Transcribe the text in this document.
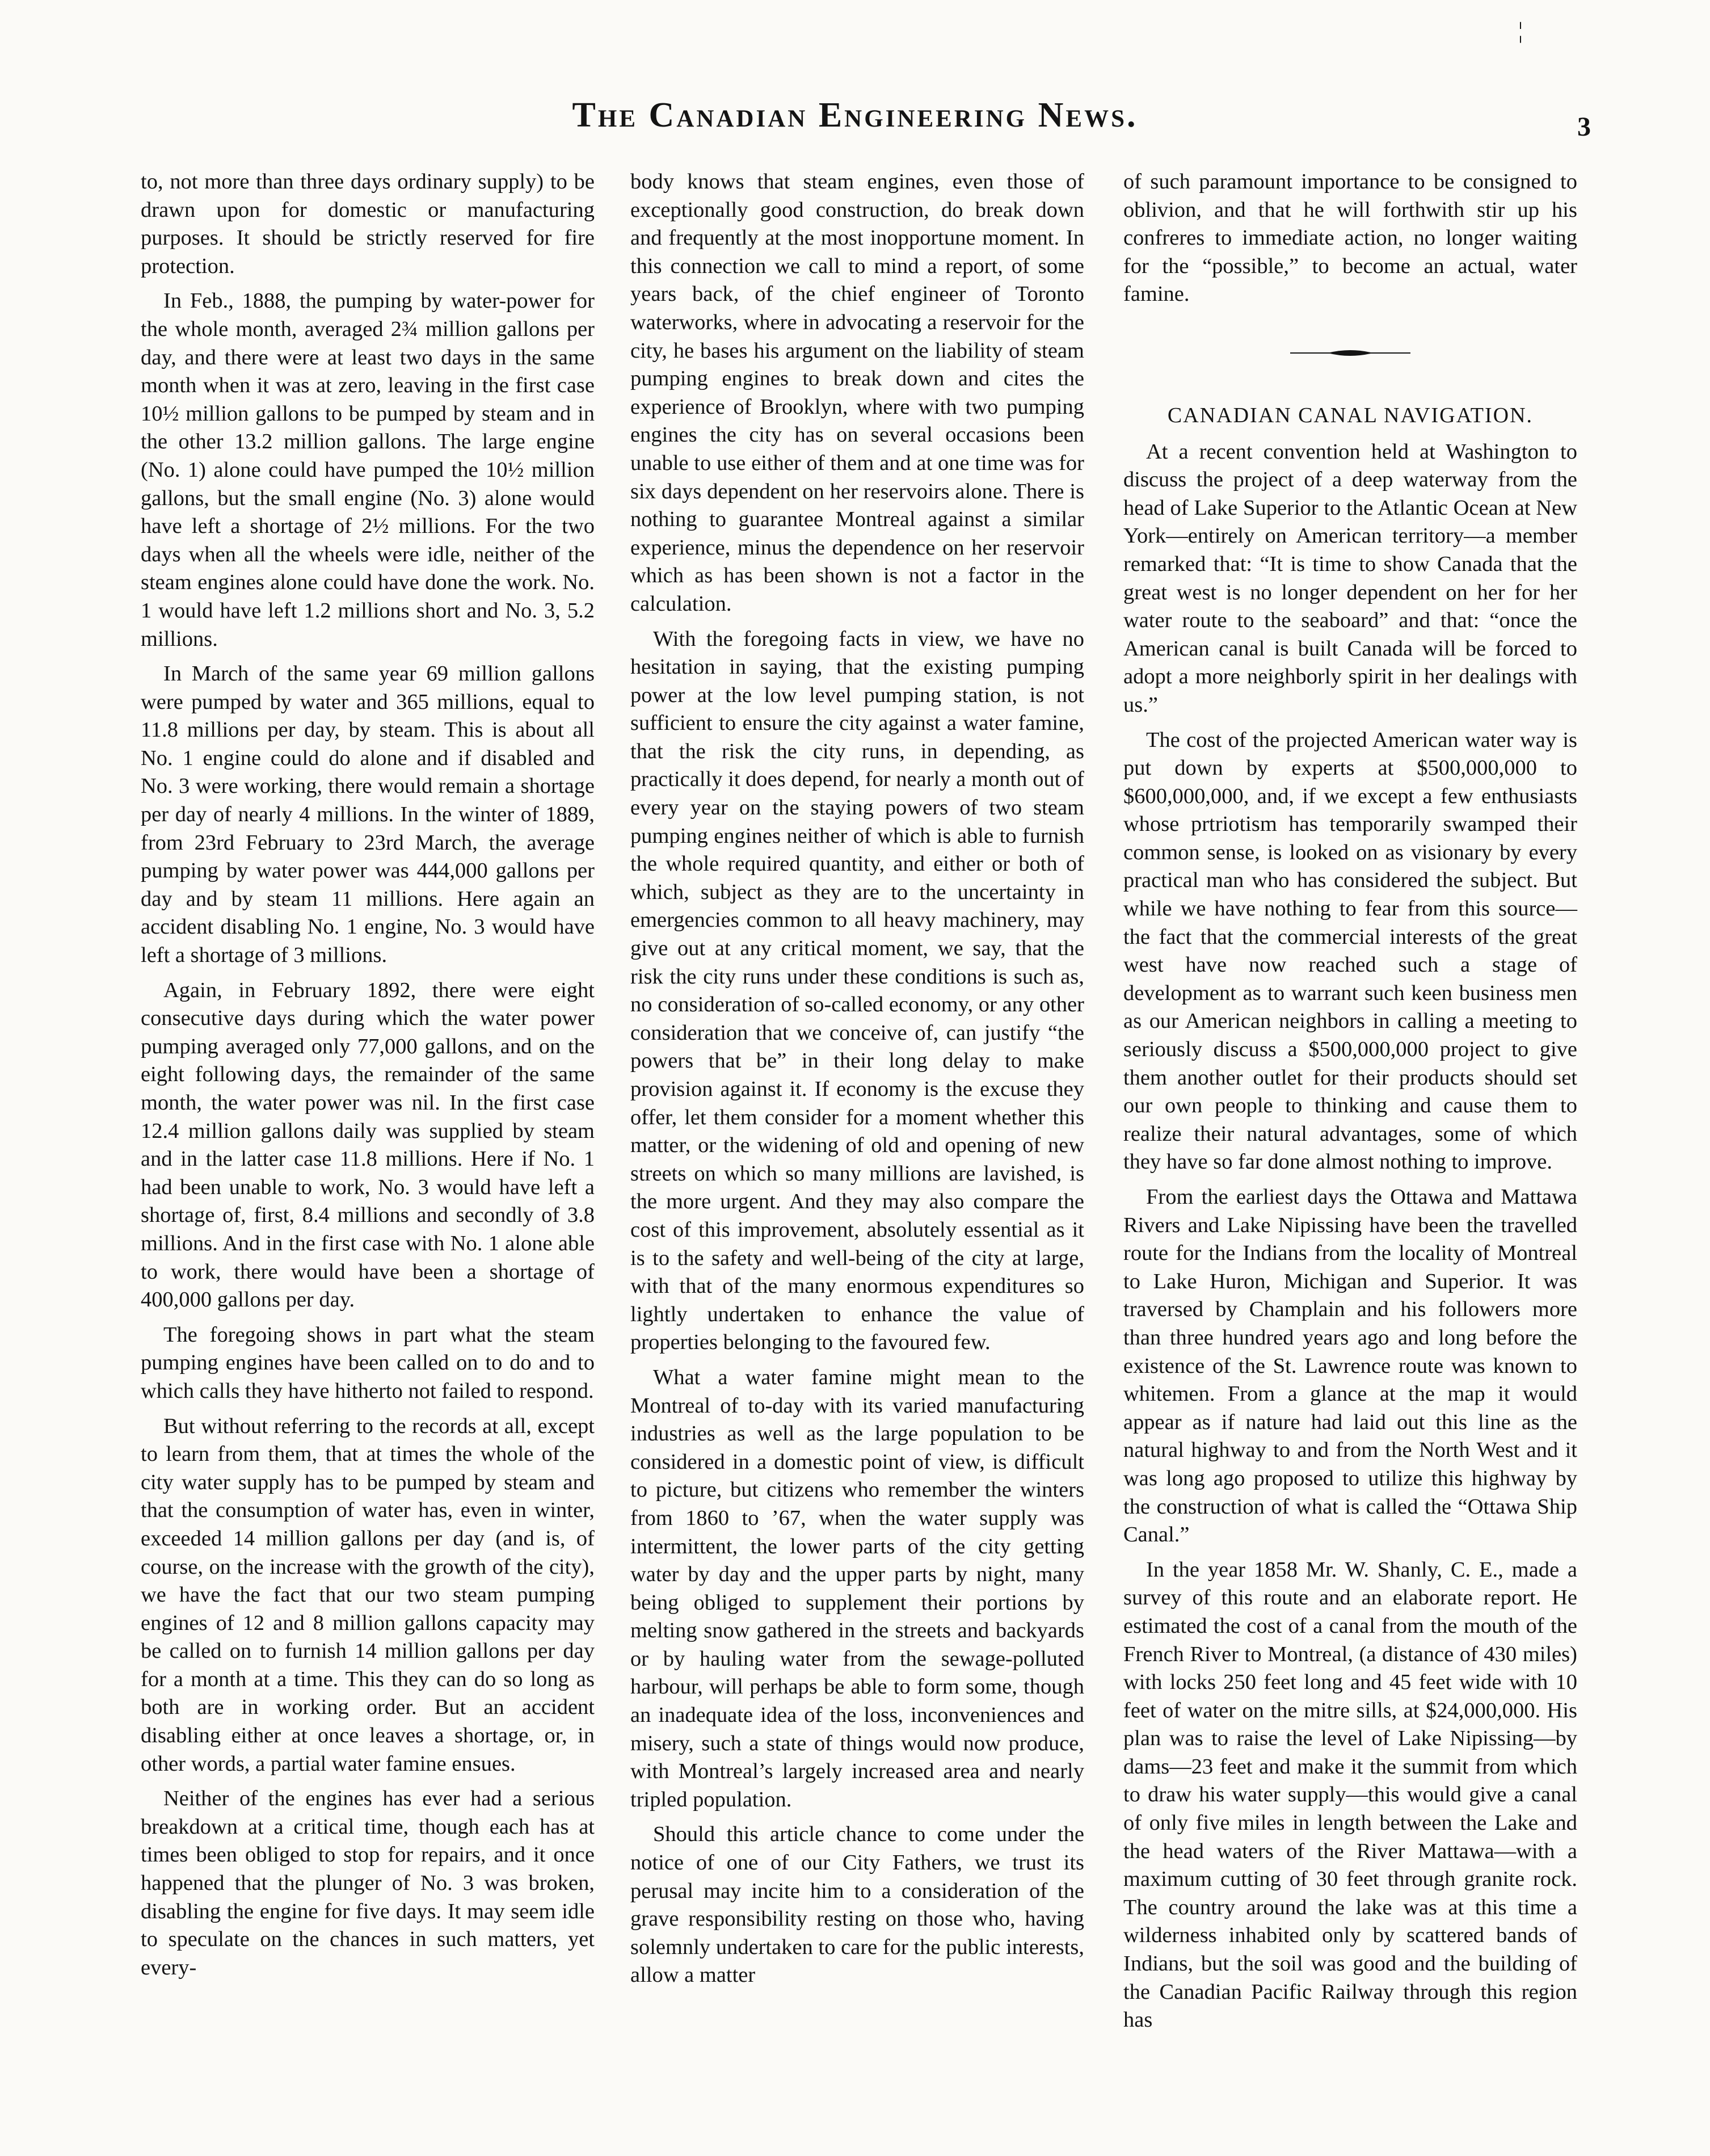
¦
The Canadian Engineering News.	3

to, not more than three days ordinary supply) to be drawn upon for domestic or manufacturing purposes. It should be strictly reserved for fire protection.

In Feb., 1888, the pumping by water-power for the whole month, averaged 2¾ million gallons per day, and there were at least two days in the same month when it was at zero, leaving in the first case 10½ million gallons to be pumped by steam and in the other 13.2 million gallons. The large engine (No. 1) alone could have pumped the 10½ million gallons, but the small engine (No. 3) alone would have left a shortage of 2½ millions. For the two days when all the wheels were idle, neither of the steam engines alone could have done the work. No. 1 would have left 1.2 millions short and No. 3, 5.2 millions.

In March of the same year 69 million gallons were pumped by water and 365 millions, equal to 11.8 millions per day, by steam. This is about all No. 1 engine could do alone and if disabled and No. 3 were working, there would remain a shortage per day of nearly 4 millions. In the winter of 1889, from 23rd February to 23rd March, the average pumping by water power was 444,000 gallons per day and by steam 11 millions. Here again an accident disabling No. 1 engine, No. 3 would have left a shortage of 3 millions.

Again, in February 1892, there were eight consecutive days during which the water power pumping averaged only 77,000 gallons, and on the eight following days, the remainder of the same month, the water power was nil. In the first case 12.4 million gallons daily was supplied by steam and in the latter case 11.8 millions. Here if No. 1 had been unable to work, No. 3 would have left a shortage of, first, 8.4 millions and secondly of 3.8 millions. And in the first case with No. 1 alone able to work, there would have been a shortage of 400,000 gallons per day.

The foregoing shows in part what the steam pumping engines have been called on to do and to which calls they have hitherto not failed to respond.

But without referring to the records at all, except to learn from them, that at times the whole of the city water supply has to be pumped by steam and that the consumption of water has, even in winter, exceeded 14 million gallons per day (and is, of course, on the increase with the growth of the city), we have the fact that our two steam pumping engines of 12 and 8 million gallons capacity may be called on to furnish 14 million gallons per day for a month at a time. This they can do so long as both are in working order. But an accident disabling either at once leaves a shortage, or, in other words, a partial water famine ensues.

Neither of the engines has ever had a serious breakdown at a critical time, though each has at times been obliged to stop for repairs, and it once happened that the plunger of No. 3 was broken, disabling the engine for five days. It may seem idle to speculate on the chances in such matters, yet every-

body knows that steam engines, even those of exceptionally good construction, do break down and frequently at the most inopportune moment. In this connection we call to mind a report, of some years back, of the chief engineer of Toronto waterworks, where in advocating a reservoir for the city, he bases his argument on the liability of steam pumping engines to break down and cites the experience of Brooklyn, where with two pumping engines the city has on several occasions been unable to use either of them and at one time was for six days dependent on her reservoirs alone. There is nothing to guarantee Montreal against a similar experience, minus the dependence on her reservoir which as has been shown is not a factor in the calculation.

With the foregoing facts in view, we have no hesitation in saying, that the existing pumping power at the low level pumping station, is not sufficient to ensure the city against a water famine, that the risk the city runs, in depending, as practically it does depend, for nearly a month out of every year on the staying powers of two steam pumping engines neither of which is able to furnish the whole required quantity, and either or both of which, subject as they are to the uncertainty in emergencies common to all heavy machinery, may give out at any critical moment, we say, that the risk the city runs under these conditions is such as, no consideration of so-called economy, or any other consideration that we conceive of, can justify “the powers that be” in their long delay to make provision against it. If economy is the excuse they offer, let them consider for a moment whether this matter, or the widening of old and opening of new streets on which so many millions are lavished, is the more urgent. And they may also compare the cost of this improvement, absolutely essential as it is to the safety and well-being of the city at large, with that of the many enormous expenditures so lightly undertaken to enhance the value of properties belonging to the favoured few.

What a water famine might mean to the Montreal of to-day with its varied manufacturing industries as well as the large population to be considered in a domestic point of view, is difficult to picture, but citizens who remember the winters from 1860 to ’67, when the water supply was intermittent, the lower parts of the city getting water by day and the upper parts by night, many being obliged to supplement their portions by melting snow gathered in the streets and backyards or by hauling water from the sewage-polluted harbour, will perhaps be able to form some, though an inadequate idea of the loss, inconveniences and misery, such a state of things would now produce, with Montreal’s largely increased area and nearly tripled population.

Should this article chance to come under the notice of one of our City Fathers, we trust its perusal may incite him to a consideration of the grave responsibility resting on those who, having solemnly undertaken to care for the public interests, allow a matter

of such paramount importance to be consigned to oblivion, and that he will forthwith stir up his confreres to immediate action, no longer waiting for the “possible,” to become an actual, water famine.

CANADIAN CANAL NAVIGATION.

At a recent convention held at Washington to discuss the project of a deep waterway from the head of Lake Superior to the Atlantic Ocean at New York—entirely on American territory—a member remarked that: “It is time to show Canada that the great west is no longer dependent on her for her water route to the seaboard” and that: “once the American canal is built Canada will be forced to adopt a more neighborly spirit in her dealings with us.”

The cost of the projected American water way is put down by experts at $500,000,000 to $600,000,000, and, if we except a few enthusiasts whose prtriotism has temporarily swamped their common sense, is looked on as visionary by every practical man who has considered the subject. But while we have nothing to fear from this source—the fact that the commercial interests of the great west have now reached such a stage of development as to warrant such keen business men as our American neighbors in calling a meeting to seriously discuss a $500,000,000 project to give them another outlet for their products should set our own people to thinking and cause them to realize their natural advantages, some of which they have so far done almost nothing to improve.

From the earliest days the Ottawa and Mattawa Rivers and Lake Nipissing have been the travelled route for the Indians from the locality of Montreal to Lake Huron, Michigan and Superior. It was traversed by Champlain and his followers more than three hundred years ago and long before the existence of the St. Lawrence route was known to whitemen. From a glance at the map it would appear as if nature had laid out this line as the natural highway to and from the North West and it was long ago proposed to utilize this highway by the construction of what is called the “Ottawa Ship Canal.”

In the year 1858 Mr. W. Shanly, C. E., made a survey of this route and an elaborate report. He estimated the cost of a canal from the mouth of the French River to Montreal, (a distance of 430 miles) with locks 250 feet long and 45 feet wide with 10 feet of water on the mitre sills, at $24,000,000. His plan was to raise the level of Lake Nipissing—by dams—23 feet and make it the summit from which to draw his water supply—this would give a canal of only five miles in length between the Lake and the head waters of the River Mattawa—with a maximum cutting of 30 feet through granite rock. The country around the lake was at this time a wilderness inhabited only by scattered bands of Indians, but the soil was good and the building of the Canadian Pacific Railway through this region has
